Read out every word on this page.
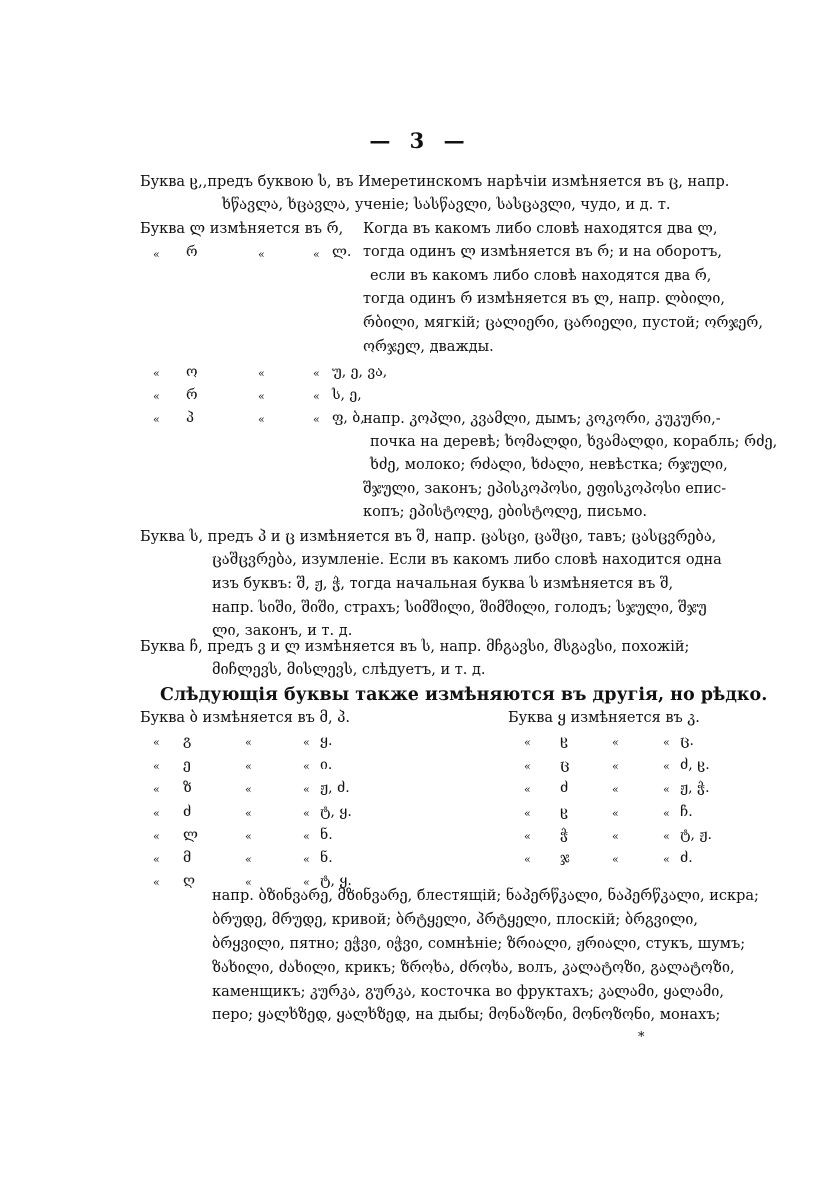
— 3 —
Буква ჸ,,предъ буквою ს, въ Имеретинскомъ нарѣчіи измѣняется въ ც, напр.
ხწავლა, ხცავლა, ученіе; სასწავლი, სასცავლი, чудо, и д. т.
Буква ლ измѣняется въ რ, Когда въ какомъ либо словѣ находятся два ლ,
« რ	«	« ლ. тогда одинъ ლ измѣняется въ რ; и на оборотъ,
если въ какомъ либо словѣ находятся два რ,
тогда одинъ რ измѣняется въ ლ, напр. ლბილი,
რბილი, мягкій; ცალიერი, ცარიელი, пустой; ორჯერ,
ორჯელ, дважды.
« ო	«	« უ, ე, ვა,
« რ	«	« ს, ე,
« პ	«	« ფ, ბ,
напр. კოპლი, კვამლი, дымъ; კოკორი, კუკური,-
почка на деревѣ; ხომალდი, ხვამალდი, корабль; რძე,
ხძე, молоко; რძალი, ხძალი, невѣстка; რჯული,
შჯული, законъ; ეპისკოპოსი, ეფისკოპოსი епис-
копъ; ეპისტოლე, ებისტოლე, письмо.
Буква ს, предъ პ и ც измѣняется въ შ, напр. ცასცი, ცაშცი, тавъ; ცასცვრება,
ცაშცვრება, изумленіе. Если въ какомъ либо словѣ находится одна
изъ буквъ: შ, ჟ, ჭ, тогда начальная буква ს измѣняется въ შ,
напр. სიში, შიში, страхъ; სიმშილი, შიმშილი, голодъ; სჯული, შჯუ
ლი, законъ, и т. д.
Буква ჩ, предъ ვ и ლ измѣняется въ ს, напр. მჩგავსი, მსგავსი, похожій;
მიჩლევს, მისლევს, слѣдуетъ, и т. д.
Слѣдующія буквы также измѣняются въ другія, но рѣдко.
Буква ბ измѣняется въ მ, პ.
« გ	«	« ყ.
« ე	«	« ი.
« ზ	«	« ჟ, ძ.
« ძ	«	« ტ, ყ.
« ლ	«	« ნ.
« მ	«	« ნ.
« ღ	«	« ტ, ყ.
Буква ყ измѣняется въ კ.
« ჸ	«	« ც.
« ც	«	« ძ, ჸ.
« ძ	«	« ჟ, ჭ.
« ჸ	«	« ჩ.
« ჭ	«	« ტ, ჟ.
« ჯ	«	« ძ.
напр. ბზინვარე, მზინვარე, блестящій; ნაპერწკალი, ნაპერწკალი, искра;
ბრუდე, მრუდე, кривой; ბრტყელი, პრტყელი, плоскій; ბრგვილი,
ბრყვილი, пятно; ეჭვი, იჭვი, сомнѣніе; ზრიალი, ჟრიალი, стукъ, шумъ;
ზახილი, ძახილი, крикъ; ზროხა, ძროხა, волъ, კალატოზი, გალატოზი,
каменщикъ; კურკა, გურკა, косточка во фруктахъ; კალამი, ყალამი,
перо; ყალხზედ, ყალხზედ, на дыбы; მონაზონი, მონოზონი, монахъ;
*
